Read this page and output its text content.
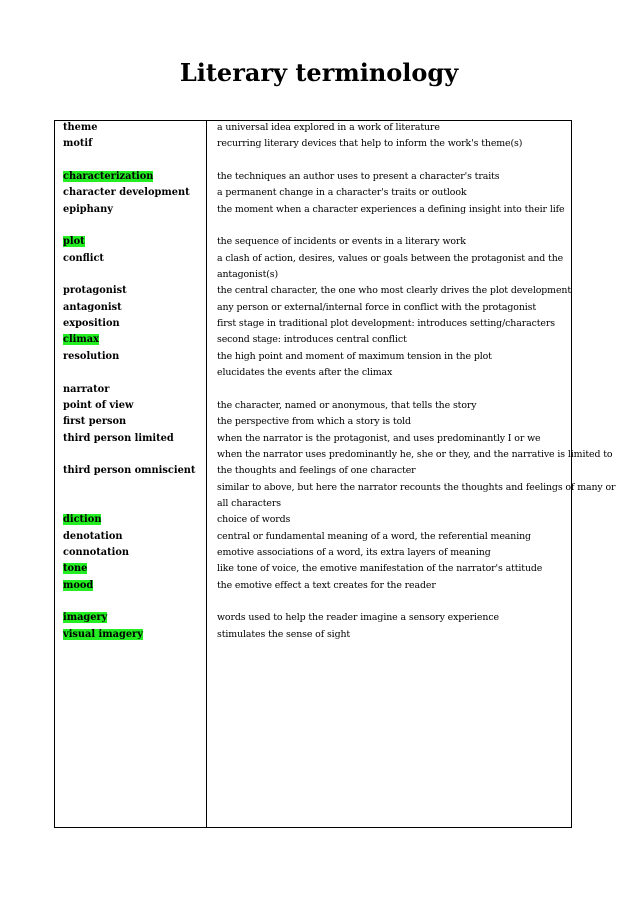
Literary terminology
theme
motif
characterization
character development
epiphany
plot
conflict
protagonist
antagonist
exposition
climax
resolution
narrator
point of view
first person
third person limited
third person omniscient
diction
denotation
connotation
tone
mood
imagery
visual imagery
a universal idea explored in a work of literature
recurring literary devices that help to inform the work's theme(s)
the techniques an author uses to present a character's traits
a permanent change in a character's traits or outlook
the moment when a character experiences a defining insight into their life
the sequence of incidents or events in a literary work
a clash of action, desires, values or goals between the protagonist and the
antagonist(s)
the central character, the one who most clearly drives the plot development
any person or external/internal force in conflict with the protagonist
first stage in traditional plot development: introduces setting/characters
second stage: introduces central conflict
the high point and moment of maximum tension in the plot
elucidates the events after the climax
the character, named or anonymous, that tells the story
the perspective from which a story is told
when the narrator is the protagonist, and uses predominantly I or we
when the narrator uses predominantly he, she or they, and the narrative is limited to
the thoughts and feelings of one character
similar to above, but here the narrator recounts the thoughts and feelings of many or
all characters
choice of words
central or fundamental meaning of a word, the referential meaning
emotive associations of a word, its extra layers of meaning
like tone of voice, the emotive manifestation of the narrator's attitude
the emotive effect a text creates for the reader
words used to help the reader imagine a sensory experience
stimulates the sense of sight
